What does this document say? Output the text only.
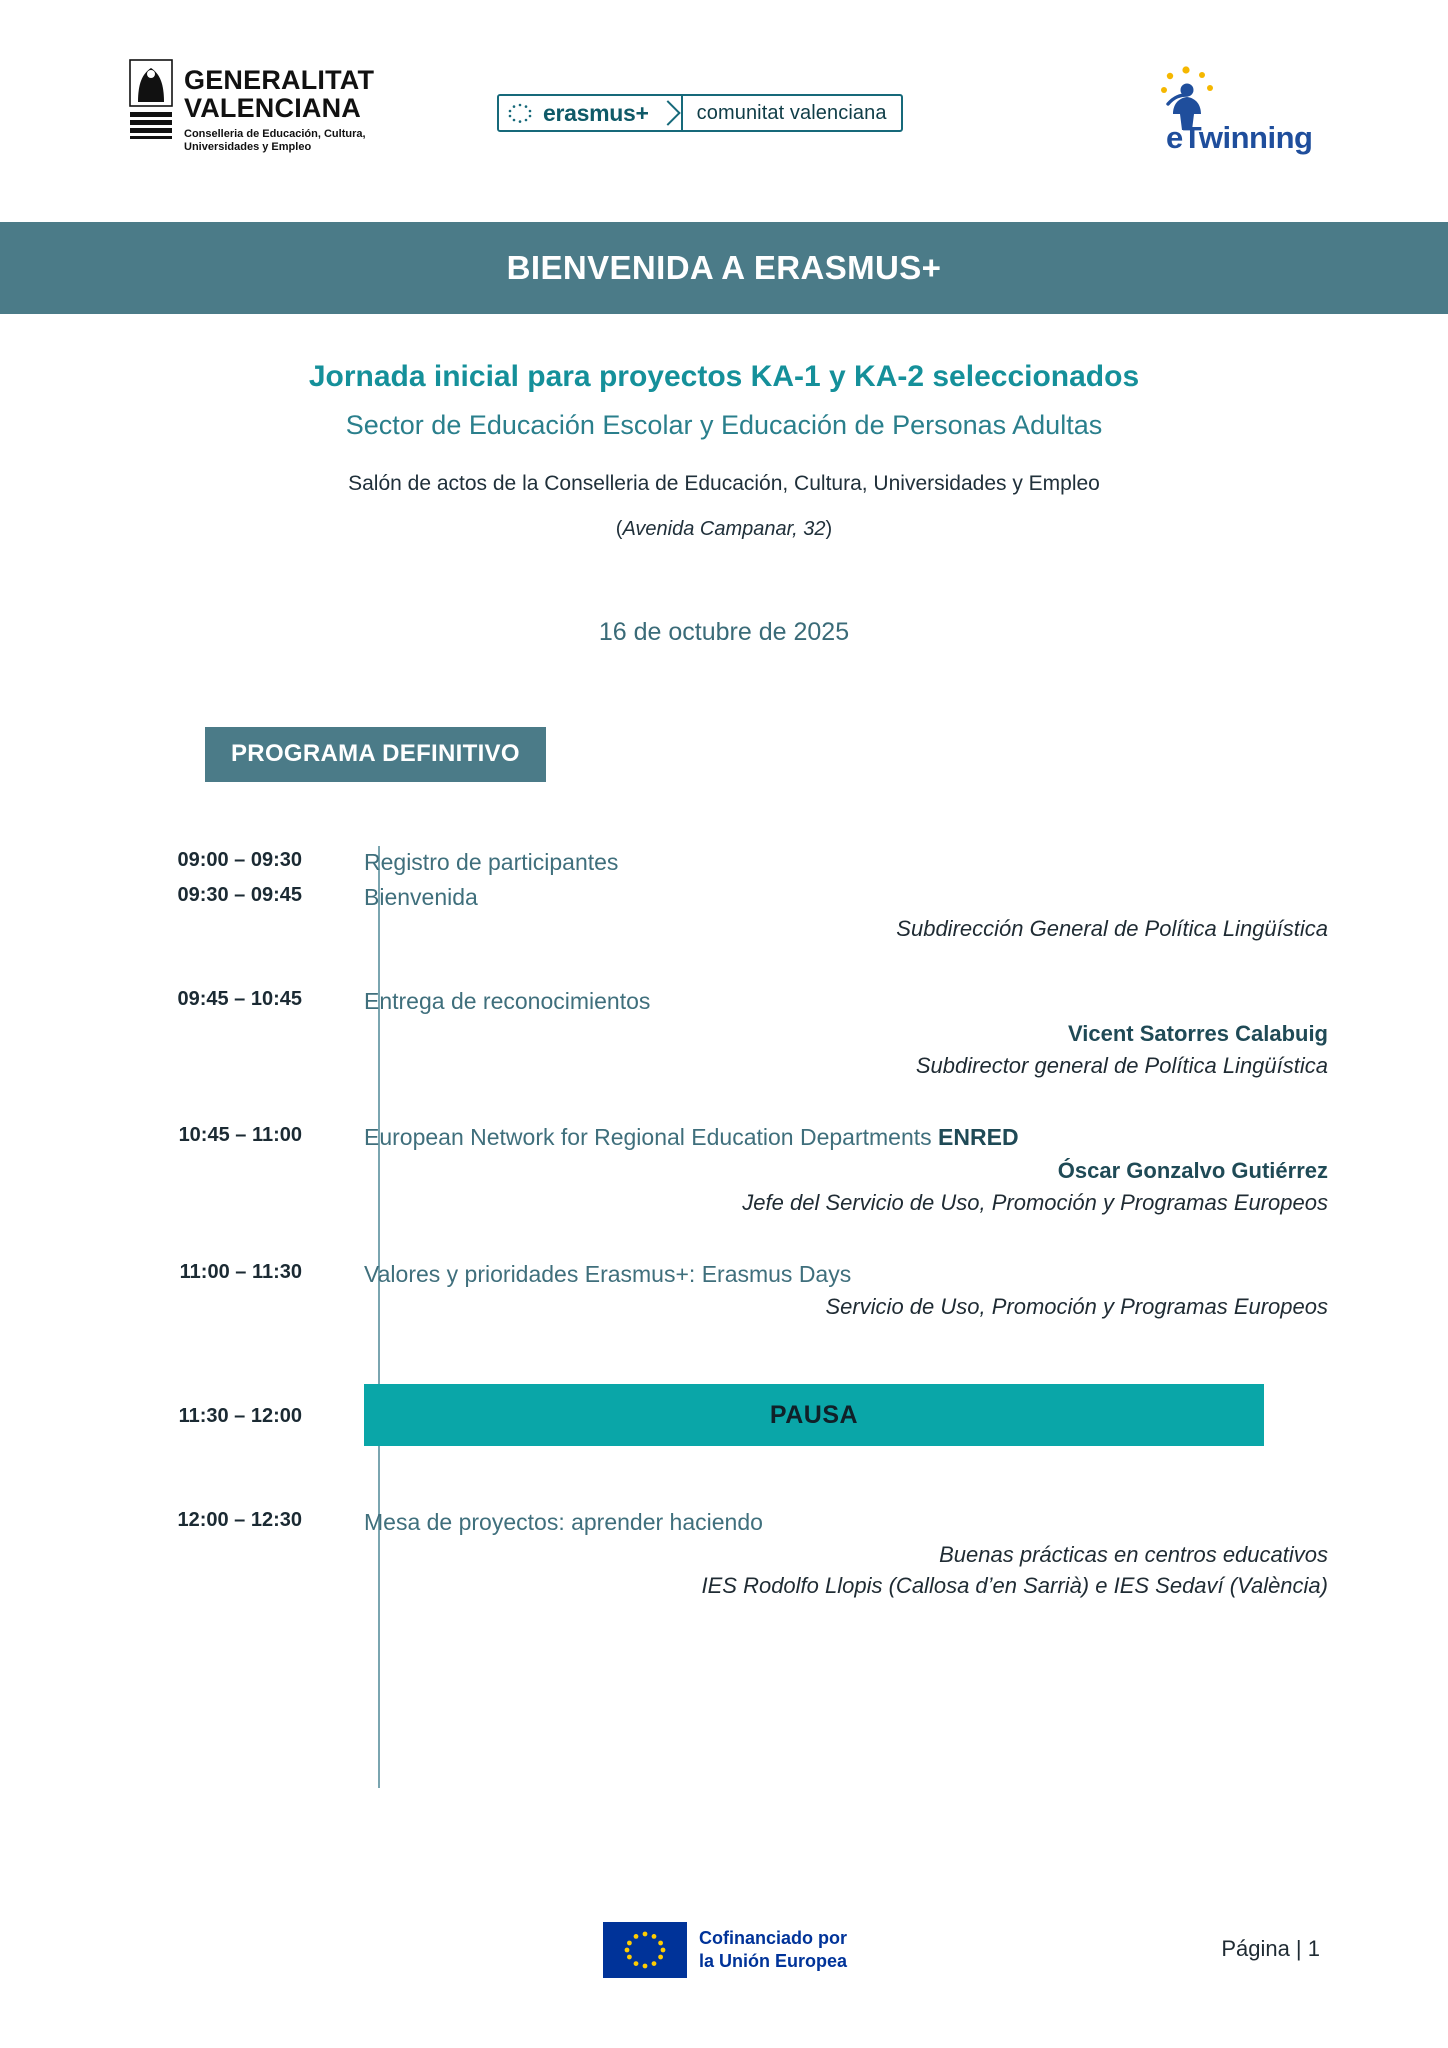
GENERALITAT
VALENCIANA
Conselleria de Educación, Cultura, Universidades y Empleo
erasmus+	comunitat valenciana
eTwinning
BIENVENIDA A ERASMUS+
Jornada inicial para proyectos KA-1 y KA-2 seleccionados
Sector de Educación Escolar y Educación de Personas Adultas
Salón de actos de la Conselleria de Educación, Cultura, Universidades y Empleo
(Avenida Campanar, 32)
16 de octubre de 2025
PROGRAMA DEFINITIVO
09:00 – 09:30	Registro de participantes
09:30 – 09:45	Bienvenida
Subdirección General de Política Lingüística
09:45 – 10:45	Entrega de reconocimientos
Vicent Satorres Calabuig
Subdirector general de Política Lingüística
10:45 – 11:00	European Network for Regional Education Departments ENRED
Óscar Gonzalvo Gutiérrez
Jefe del Servicio de Uso, Promoción y Programas Europeos
11:00 – 11:30	Valores y prioridades Erasmus+: Erasmus Days
Servicio de Uso, Promoción y Programas Europeos
11:30 – 12:00	PAUSA
12:00 – 12:30	Mesa de proyectos: aprender haciendo
Buenas prácticas en centros educativos
IES Rodolfo Llopis (Callosa d’en Sarrià) e IES Sedaví (València)
Cofinanciado por
la Unión Europea	Página | 1
